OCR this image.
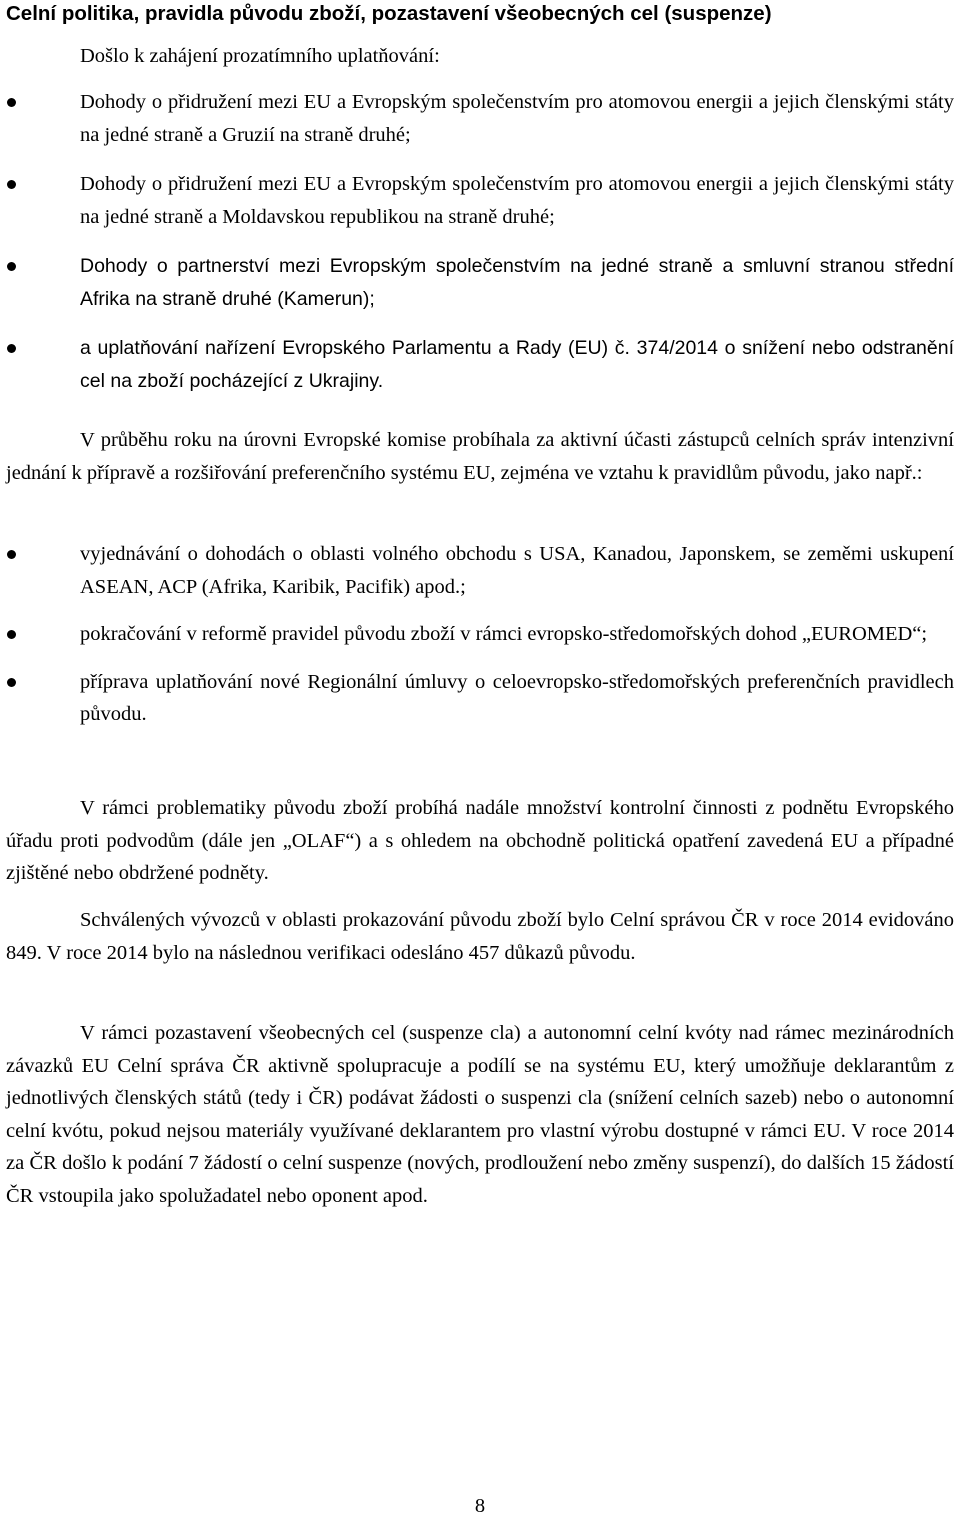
Celní politika, pravidla původu zboží, pozastavení všeobecných cel (suspenze)
Došlo k zahájení prozatímního uplatňování:
Dohody o přidružení mezi EU a Evropským společenstvím pro atomovou energii a jejich členskými státy na jedné straně a Gruzií na straně druhé;
Dohody o přidružení mezi EU a Evropským společenstvím pro atomovou energii a jejich členskými státy na jedné straně a Moldavskou republikou na straně druhé;
Dohody o partnerství mezi Evropským společenstvím na jedné straně a smluvní stranou střední Afrika na straně druhé (Kamerun);
a uplatňování nařízení Evropského Parlamentu a Rady (EU) č. 374/2014 o snížení nebo odstranění cel na zboží pocházející z Ukrajiny.

V průběhu roku na úrovni Evropské komise probíhala za aktivní účasti zástupců celních správ intenzivní jednání k přípravě a rozšiřování preferenčního systému EU, zejména ve vztahu k pravidlům původu, jako např.:

vyjednávání o dohodách o oblasti volného obchodu s USA, Kanadou, Japonskem, se zeměmi uskupení ASEAN, ACP (Afrika, Karibik, Pacifik) apod.;
pokračování v reformě pravidel původu zboží v rámci evropsko-středomořských dohod „EUROMED“;
příprava uplatňování nové Regionální úmluvy o celoevropsko-středomořských preferenčních pravidlech původu.

V rámci problematiky původu zboží probíhá nadále množství kontrolní činnosti z podnětu Evropského úřadu proti podvodům (dále jen „OLAF“) a s ohledem na obchodně politická opatření zavedená EU a případné zjištěné nebo obdržené podněty.

Schválených vývozců v oblasti prokazování původu zboží bylo Celní správou ČR v roce 2014 evidováno 849. V roce 2014 bylo na následnou verifikaci odesláno 457 důkazů původu.

V rámci pozastavení všeobecných cel (suspenze cla) a autonomní celní kvóty nad rámec mezinárodních závazků EU Celní správa ČR aktivně spolupracuje a podílí se na systému EU, který umožňuje deklarantům z jednotlivých členských států (tedy i ČR) podávat žádosti o suspenzi cla (snížení celních sazeb) nebo o autonomní celní kvótu, pokud nejsou materiály využívané deklarantem pro vlastní výrobu dostupné v rámci EU. V roce 2014 za ČR došlo k podání 7 žádostí o celní suspenze (nových, prodloužení nebo změny suspenzí), do dalších 15 žádostí ČR vstoupila jako spolužadatel nebo oponent apod.

8
